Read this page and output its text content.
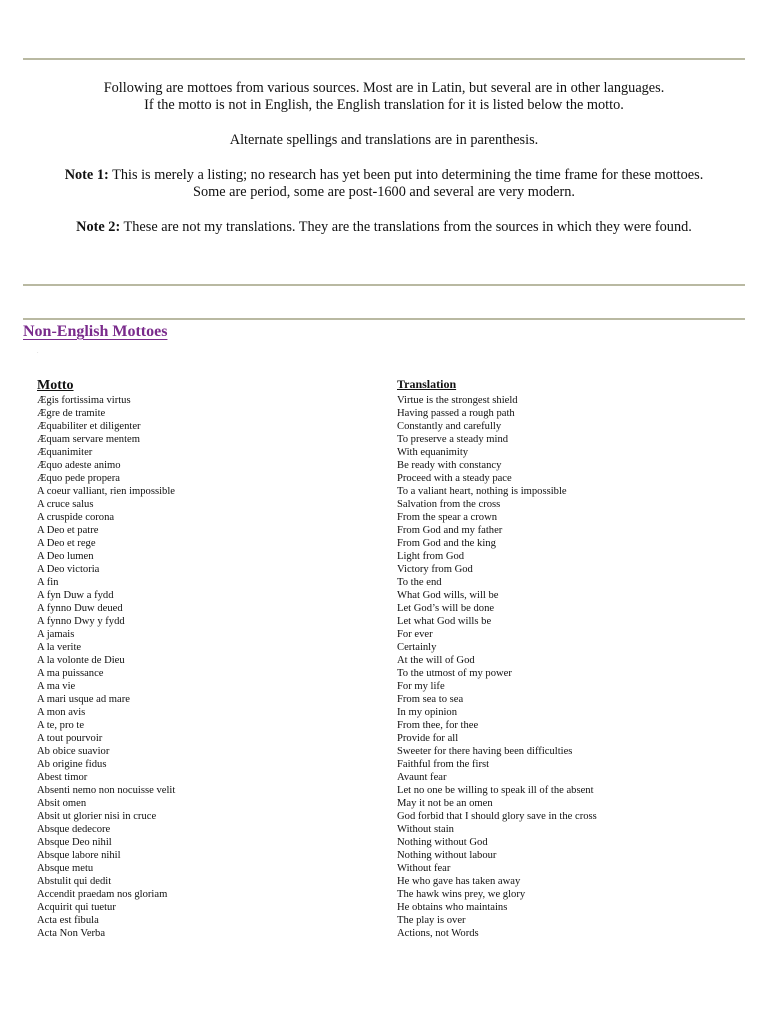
Following are mottoes from various sources. Most are in Latin, but several are in other languages.

If the motto is not in English, the English translation for it is listed below the motto.

Alternate spellings and translations are in parenthesis.

Note 1: This is merely a listing; no research has yet been put into determining the time frame for these mottoes.

Some are period, some are post-1600 and several are very modern.

Note 2: These are not my translations. They are the translations from the sources in which they were found.

Non-English Mottoes
.
Motto	Translation
Ægis fortissima virtus
Ægre de tramite
Æquabiliter et diligenter
Æquam servare mentem
Æquanimiter
Æquo adeste animo
Æquo pede propera
A coeur valliant, rien impossible
A cruce salus
A cruspide corona
A Deo et patre
A Deo et rege
A Deo lumen
A Deo victoria
A fin
A fyn Duw a fydd
A fynno Duw deued
A fynno Dwy y fydd
A jamais
A la verite
A la volonte de Dieu
A ma puissance
A ma vie
A mari usque ad mare
A mon avis
A te, pro te
A tout pourvoir
Ab obice suavior
Ab origine fidus
Abest timor
Absenti nemo non nocuisse velit
Absit omen
Absit ut glorier nisi in cruce
Absque dedecore
Absque Deo nihil
Absque labore nihil
Absque metu
Abstulit qui dedit
Accendit praedam nos gloriam
Acquirit qui tuetur
Acta est fibula
Acta Non Verba
Virtue is the strongest shield
Having passed a rough path
Constantly and carefully
To preserve a steady mind
With equanimity
Be ready with constancy
Proceed with a steady pace
To a valiant heart, nothing is impossible
Salvation from the cross
From the spear a crown
From God and my father
From God and the king
Light from God
Victory from God
To the end
What God wills, will be
Let God’s will be done
Let what God wills be
For ever
Certainly
At the will of God
To the utmost of my power
For my life
From sea to sea
In my opinion
From thee, for thee
Provide for all
Sweeter for there having been difficulties
Faithful from the first
Avaunt fear
Let no one be willing to speak ill of the absent
May it not be an omen
God forbid that I should glory save in the cross
Without stain
Nothing without God
Nothing without labour
Without fear
He who gave has taken away
The hawk wins prey, we glory
He obtains who maintains
The play is over
Actions, not Words
